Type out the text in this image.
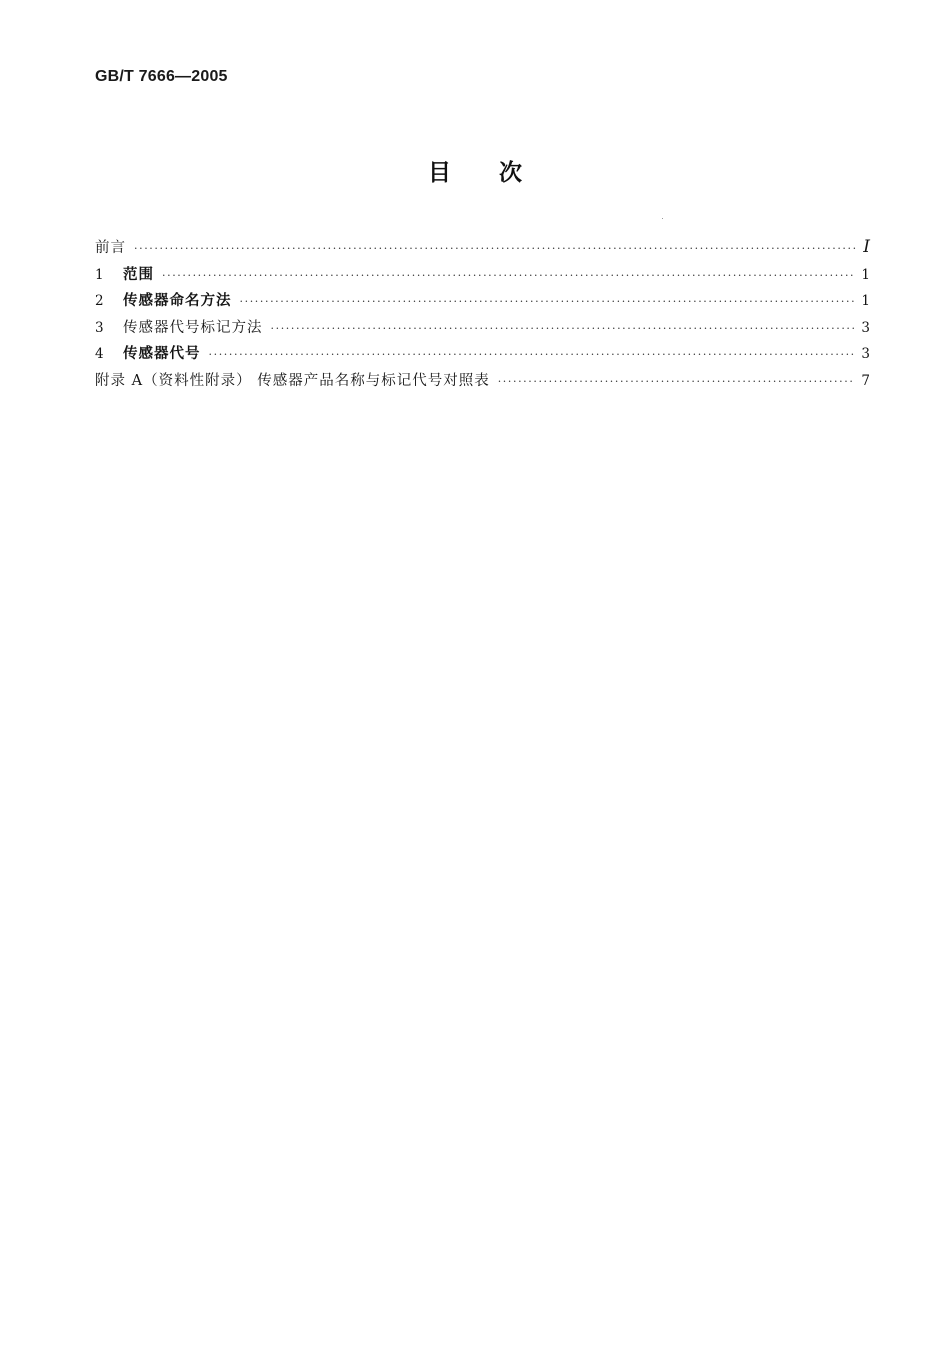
GB/T 7666—2005
目次
前言 ·····	I
1	范围 ·····	1
2	传感器命名方法 ·····	1
3	传感器代号标记方法 ·····	3
4	传感器代号 ·····	3
附录 A（资料性附录） 传感器产品名称与标记代号对照表 ·····	7
